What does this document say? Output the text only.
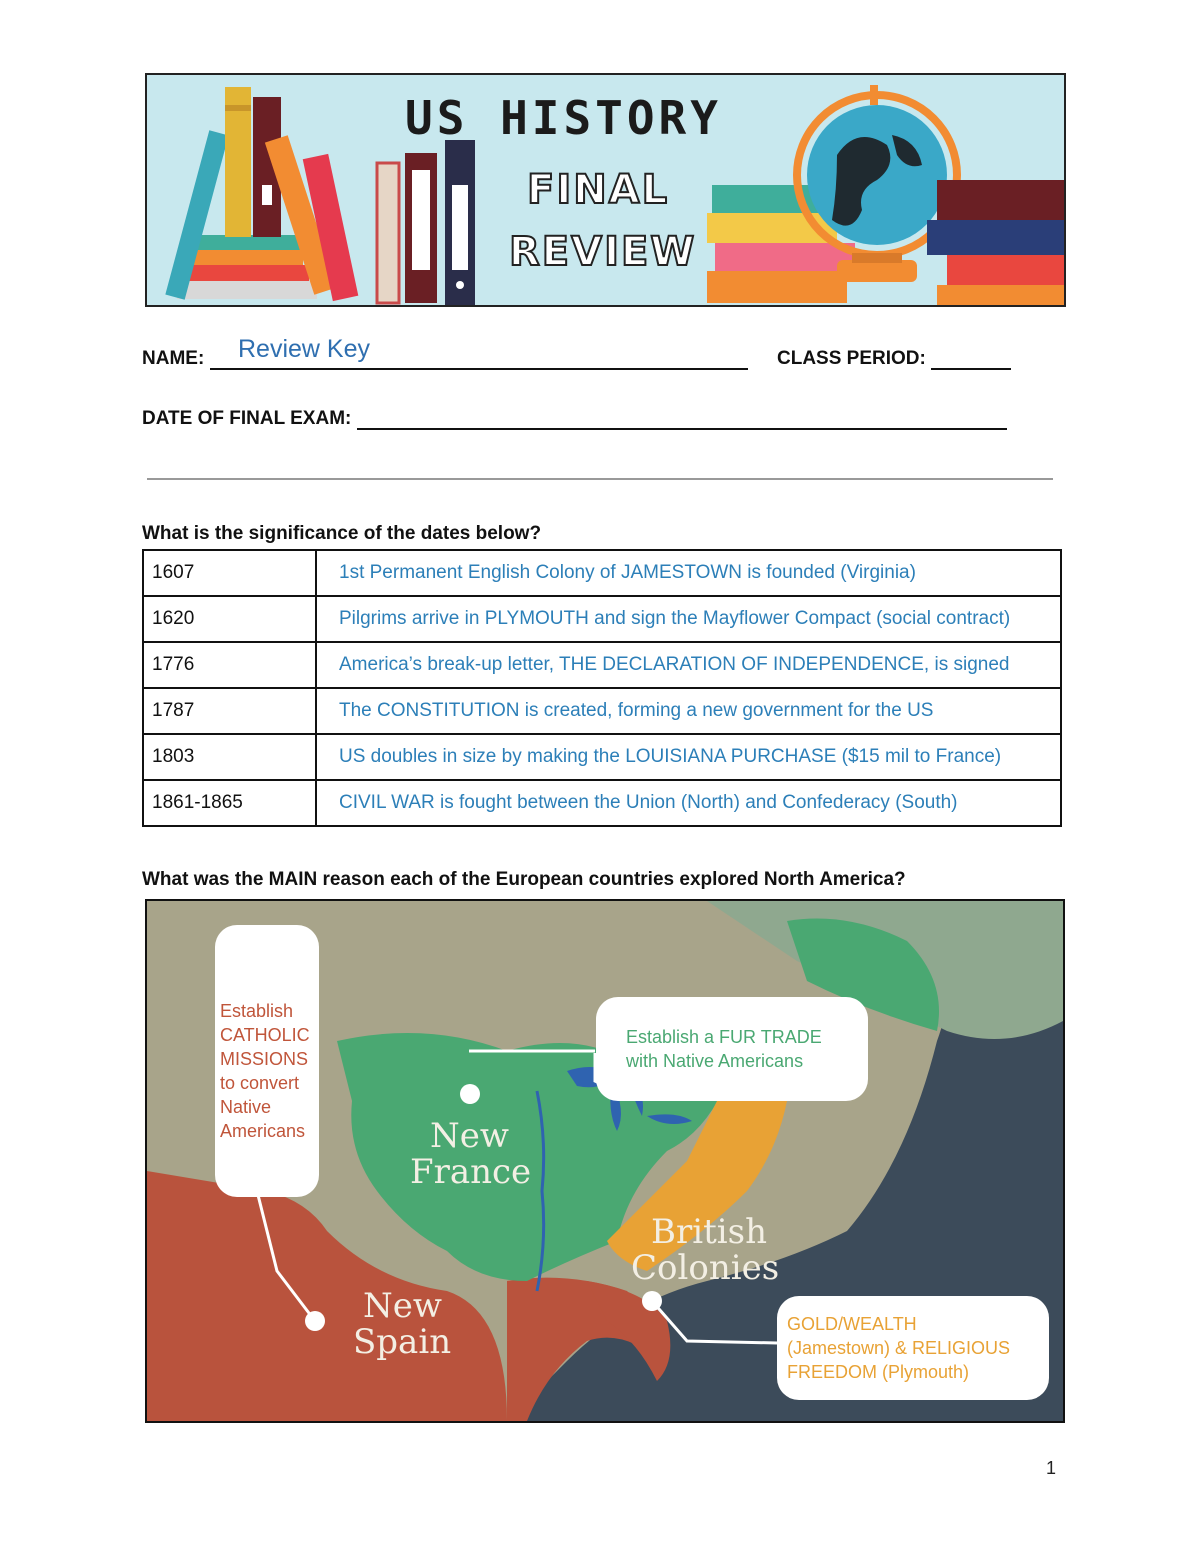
US HISTORY
FINAL
REVIEW
NAME:	Review Key	CLASS PERIOD:
DATE OF FINAL EXAM:
What is the significance of the dates below?
1607	1st Permanent English Colony of JAMESTOWN is founded (Virginia)
1620	Pilgrims arrive in PLYMOUTH and sign the Mayflower Compact (social contract)
1776	America’s break-up letter, THE DECLARATION OF INDEPENDENCE, is signed
1787	The CONSTITUTION is created, forming a new government for the US
1803	US doubles in size by making the LOUISIANA PURCHASE ($15 mil to France)
1861-1865	CIVIL WAR is fought between the Union (North) and Confederacy (South)
What was the MAIN reason each of the European countries explored North America?
New
France
British
Colonies
New
Spain
Establish
CATHOLIC
MISSIONS
to convert
Native
Americans
Establish a FUR TRADE
with Native Americans
GOLD/WEALTH
(Jamestown) & RELIGIOUS
FREEDOM (Plymouth)
1
